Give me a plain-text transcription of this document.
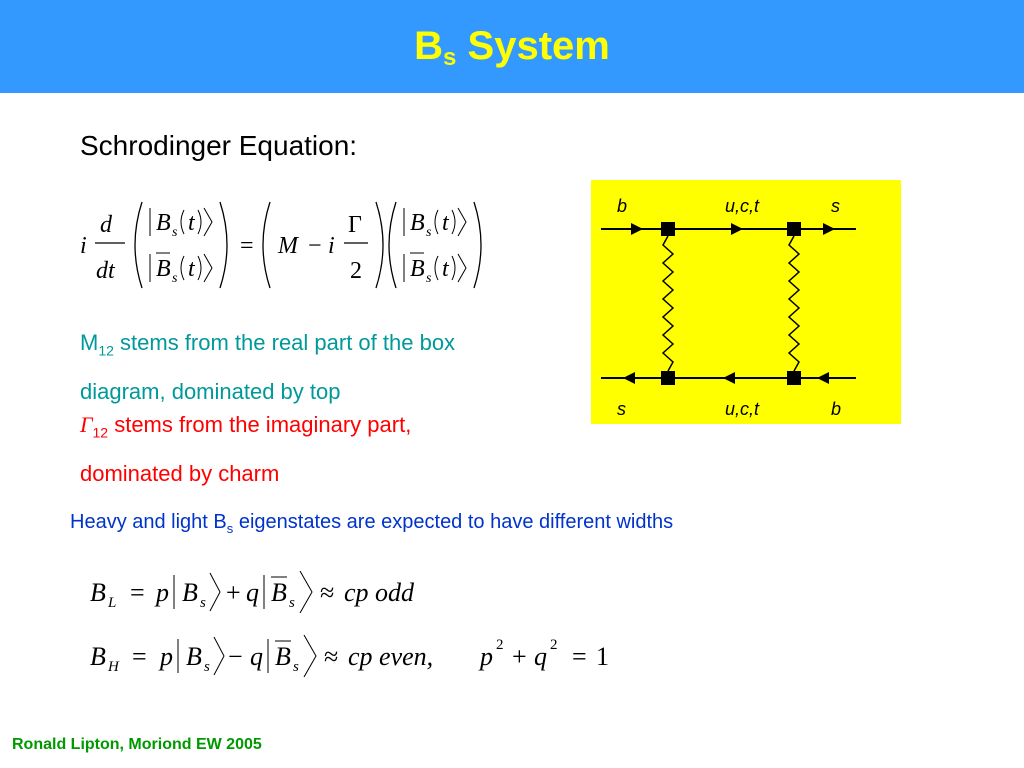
$B_s$ System
Schrodinger Equation:
i
d
dt
B s t
B s t
= M − i
Γ
2
B s t
B s t
$M_{12}$ stems from the real part of the box
diagram, dominated by top
$\Gamma_{12}$ stems from the imaginary part,
dominated by charm
b	u,c,t	s
s	u,c,t	b
Heavy and light $B_s$ eigenstates are expected to have different widths
B L = p B s + q B s ≈ cp odd
B H = p B s − q B s ≈ cp even, p 2 + q 2 = 1
Ronald Lipton, Moriond EW 2005
